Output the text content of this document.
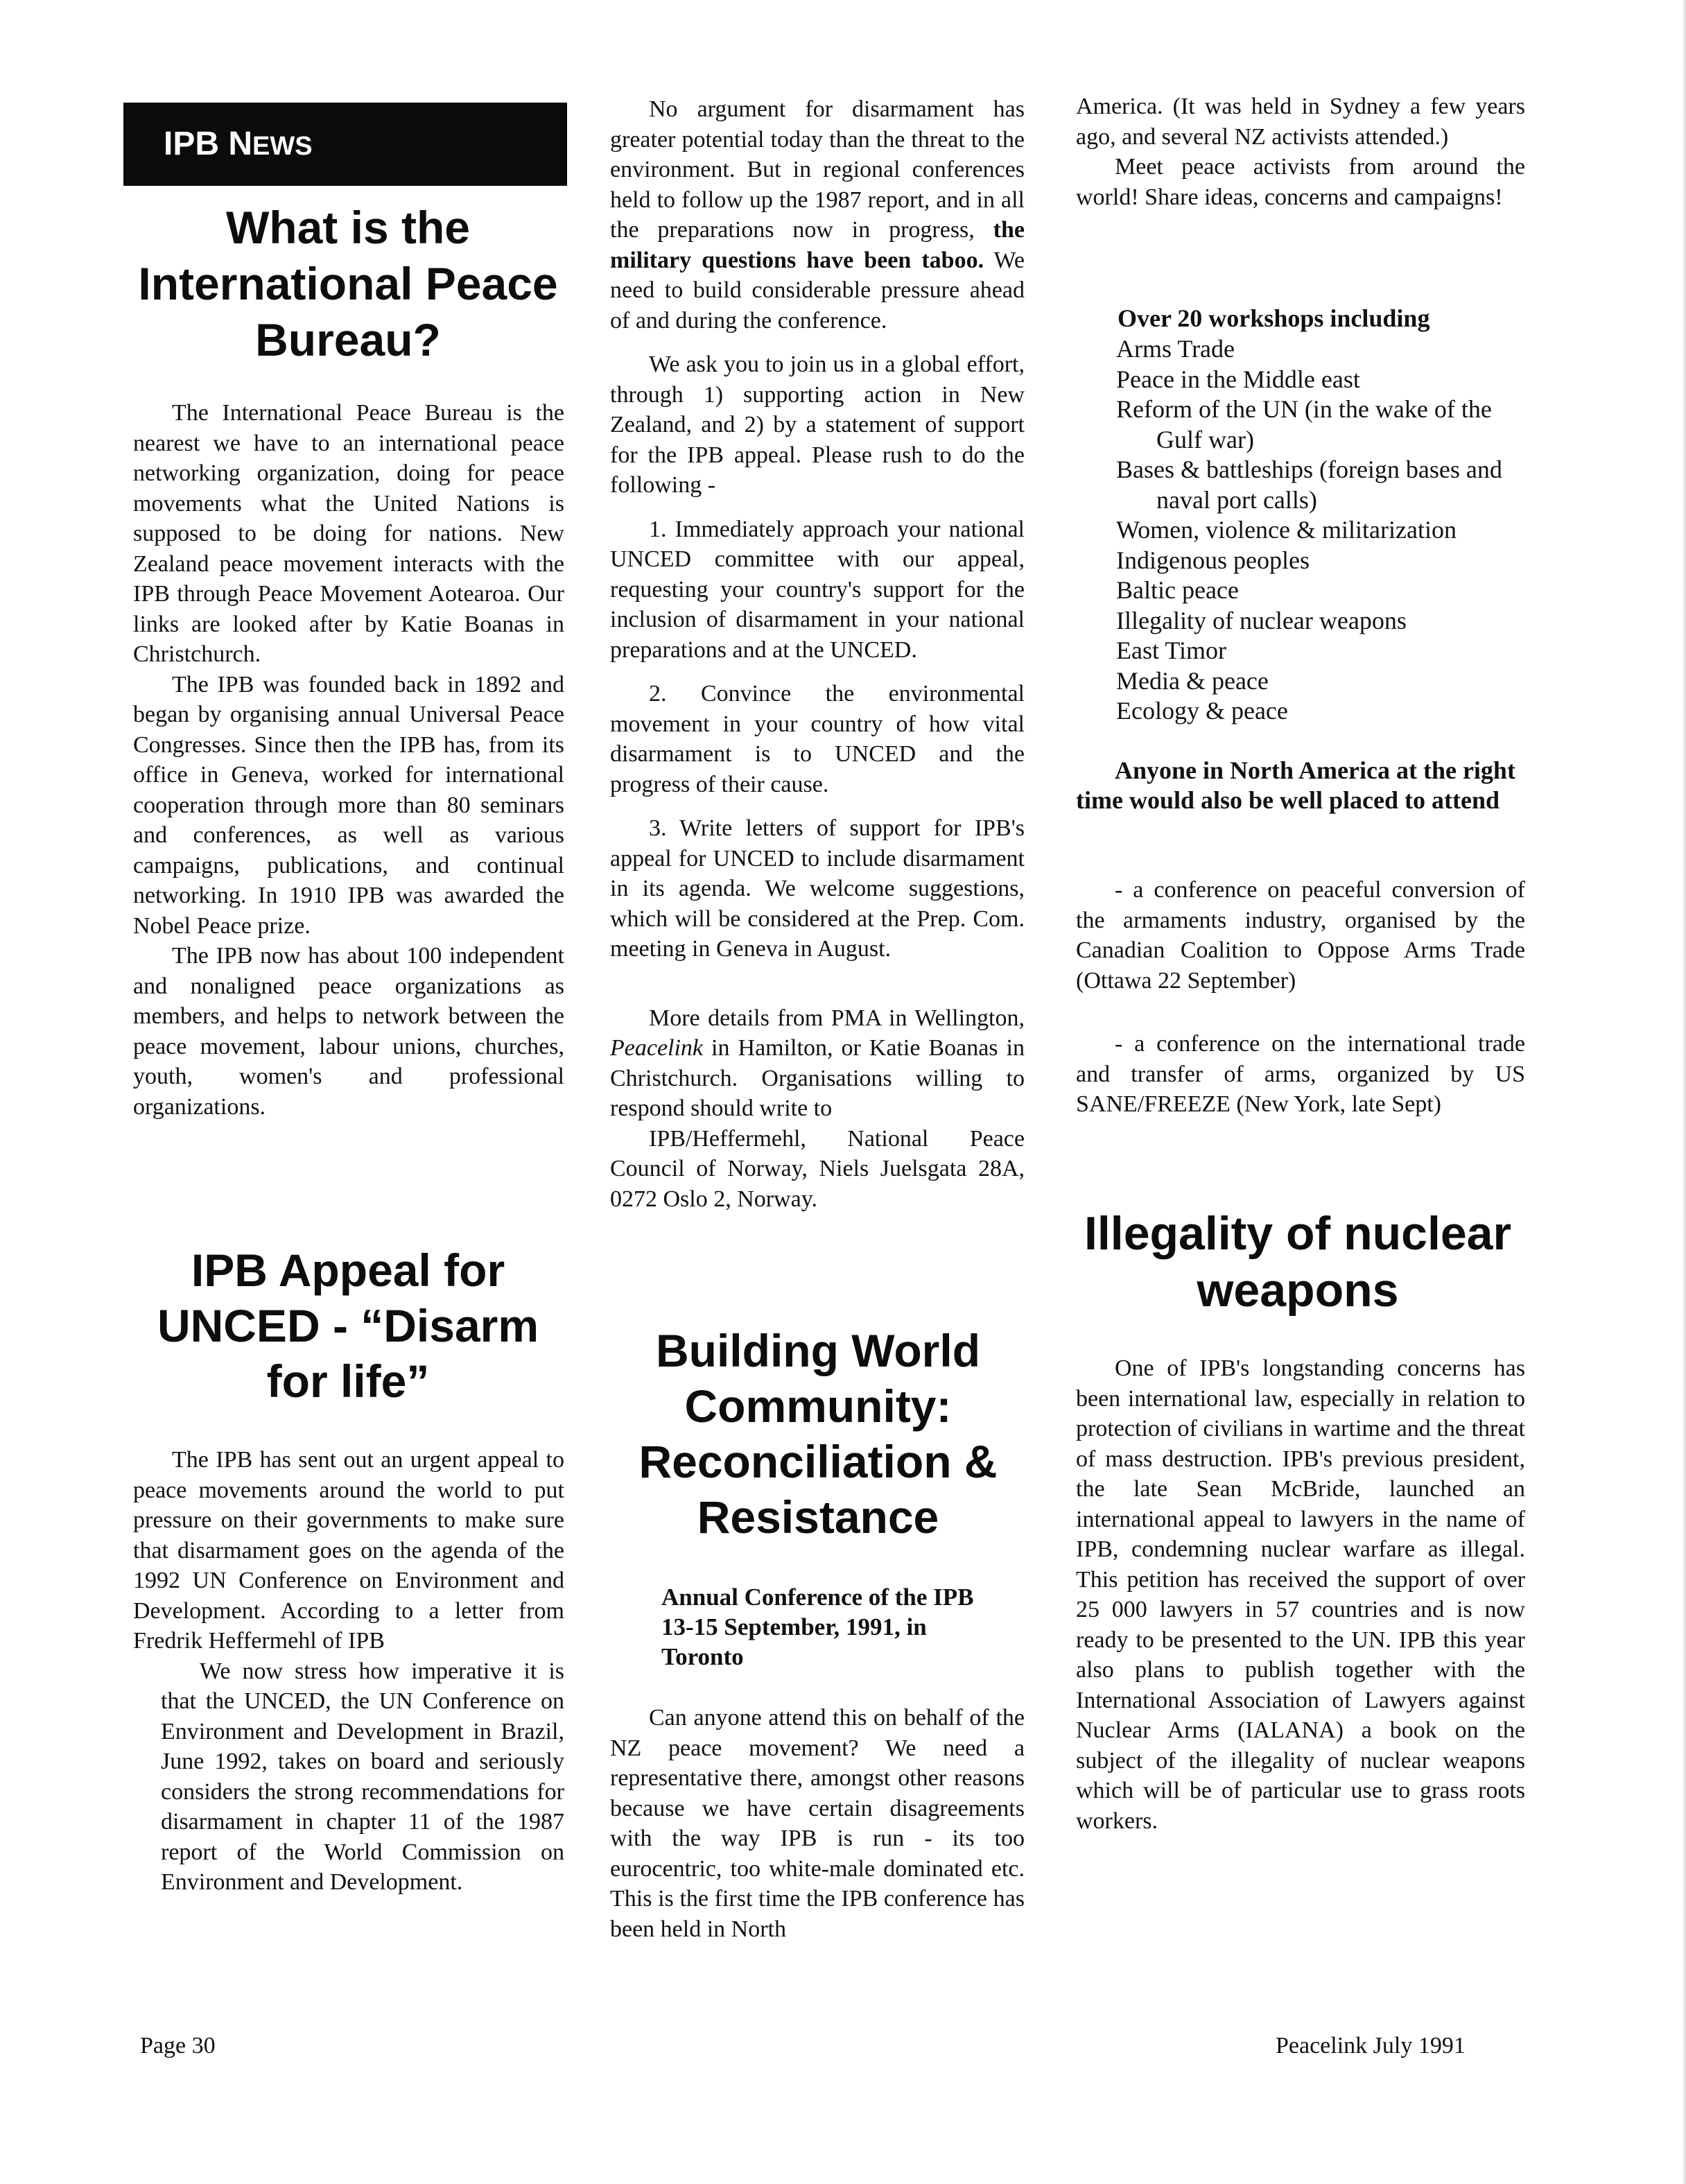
IPB NEWS
What is the International Peace Bureau?

The International Peace Bureau is the nearest we have to an international peace networking organization, doing for peace movements what the United Nations is supposed to be doing for nations. New Zealand peace movement interacts with the IPB through Peace Movement Aotearoa. Our links are looked after by Katie Boanas in Christchurch.

The IPB was founded back in 1892 and began by organising annual Universal Peace Congresses. Since then the IPB has, from its office in Geneva, worked for international cooperation through more than 80 seminars and conferences, as well as various campaigns, publications, and continual networking. In 1910 IPB was awarded the Nobel Peace prize.

The IPB now has about 100 independent and nonaligned peace organizations as members, and helps to network between the peace movement, labour unions, churches, youth, women's and professional organizations.

IPB Appeal for UNCED - “Disarm for life”

The IPB has sent out an urgent appeal to peace movements around the world to put pressure on their governments to make sure that disarmament goes on the agenda of the 1992 UN Conference on Environment and Development. According to a letter from Fredrik Heffermehl of IPB

We now stress how imperative it is that the UNCED, the UN Conference on Environment and Development in Brazil, June 1992, takes on board and seriously considers the strong recommendations for disarmament in chapter 11 of the 1987 report of the World Commission on Environment and Development.

No argument for disarmament has greater potential today than the threat to the environment. But in regional conferences held to follow up the 1987 report, and in all the preparations now in progress, the military questions have been taboo. We need to build considerable pressure ahead of and during the conference.

We ask you to join us in a global effort, through 1) supporting action in New Zealand, and 2) by a statement of support for the IPB appeal. Please rush to do the following -

1. Immediately approach your national UNCED committee with our appeal, requesting your country's support for the inclusion of disarmament in your national preparations and at the UNCED.
2. Convince the environmental movement in your country of how vital disarmament is to UNCED and the progress of their cause.
3. Write letters of support for IPB's appeal for UNCED to include disarmament in its agenda. We welcome suggestions, which will be considered at the Prep. Com. meeting in Geneva in August.

More details from PMA in Wellington, Peacelink in Hamilton, or Katie Boanas in Christchurch. Organisations willing to respond should write to

IPB/Heffermehl, National Peace Council of Norway, Niels Juelsgata 28A, 0272 Oslo 2, Norway.

Building World Community: Reconciliation & Resistance
Annual Conference of the IPB
13-15 September, 1991, in
Toronto

Can anyone attend this on behalf of the NZ peace movement? We need a representative there, amongst other reasons because we have certain disagreements with the way IPB is run - its too eurocentric, too white-male dominated etc. This is the first time the IPB conference has been held in North

America. (It was held in Sydney a few years ago, and several NZ activists attended.)

Meet peace activists from around the world! Share ideas, concerns and campaigns!

Over 20 workshops including
Arms Trade
Peace in the Middle east
Reform of the UN (in the wake of the Gulf war)
Bases & battleships (foreign bases and naval port calls)
Women, violence & militarization
Indigenous peoples
Baltic peace
Illegality of nuclear weapons
East Timor
Media & peace
Ecology & peace
Anyone in North America at the right time would also be well placed to attend

- a conference on peaceful conversion of the armaments industry, organised by the Canadian Coalition to Oppose Arms Trade (Ottawa 22 September)

- a conference on the international trade and transfer of arms, organized by US SANE/FREEZE (New York, late Sept)

Illegality of nuclear weapons

One of IPB's longstanding concerns has been international law, especially in relation to protection of civilians in wartime and the threat of mass destruction. IPB's previous president, the late Sean McBride, launched an international appeal to lawyers in the name of IPB, condemning nuclear warfare as illegal. This petition has received the support of over 25 000 lawyers in 57 countries and is now ready to be presented to the UN. IPB this year also plans to publish together with the International Association of Lawyers against Nuclear Arms (IALANA) a book on the subject of the illegality of nuclear weapons which will be of particular use to grass roots workers.

Page 30	Peacelink July 1991
